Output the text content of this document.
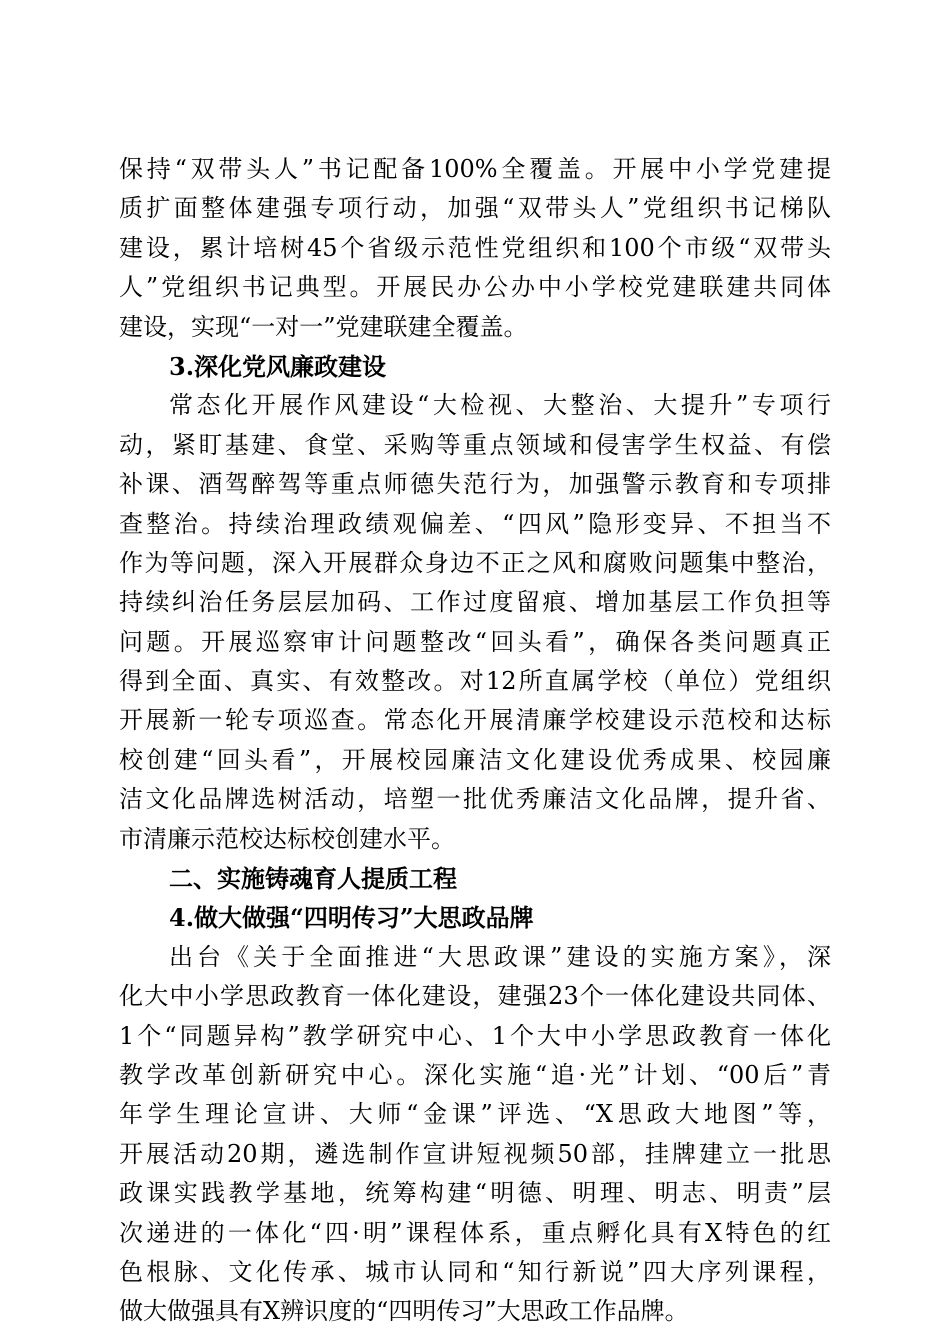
保持“双带头人”书记配备100%全覆盖。开展中小学党建提
质扩面整体建强专项行动，加强“双带头人”党组织书记梯队
建设，累计培树45个省级示范性党组织和100个市级“双带头
人”党组织书记典型。开展民办公办中小学校党建联建共同体
建设，实现“一对一”党建联建全覆盖。
3.深化党风廉政建设
常态化开展作风建设“大检视、大整治、大提升”专项行
动，紧盯基建、食堂、采购等重点领域和侵害学生权益、有偿
补课、酒驾醉驾等重点师德失范行为，加强警示教育和专项排
查整治。持续治理政绩观偏差、“四风”隐形变异、不担当不
作为等问题，深入开展群众身边不正之风和腐败问题集中整治，
持续纠治任务层层加码、工作过度留痕、增加基层工作负担等
问题。开展巡察审计问题整改“回头看”，确保各类问题真正
得到全面、真实、有效整改。对12所直属学校（单位）党组织
开展新一轮专项巡查。常态化开展清廉学校建设示范校和达标
校创建“回头看”，开展校园廉洁文化建设优秀成果、校园廉
洁文化品牌选树活动，培塑一批优秀廉洁文化品牌，提升省、
市清廉示范校达标校创建水平。
二、实施铸魂育人提质工程
4.做大做强“四明传习”大思政品牌
出台《关于全面推进“大思政课”建设的实施方案》，深
化大中小学思政教育一体化建设，建强23个一体化建设共同体、
1个“同题异构”教学研究中心、1个大中小学思政教育一体化
教学改革创新研究中心。深化实施“追·光”计划、“00后”青
年学生理论宣讲、大师“金课”评选、“X思政大地图”等，
开展活动20期，遴选制作宣讲短视频50部，挂牌建立一批思
政课实践教学基地，统筹构建“明德、明理、明志、明责”层
次递进的一体化“四·明”课程体系，重点孵化具有X特色的红
色根脉、文化传承、城市认同和“知行新说”四大序列课程，
做大做强具有X辨识度的“四明传习”大思政工作品牌。
